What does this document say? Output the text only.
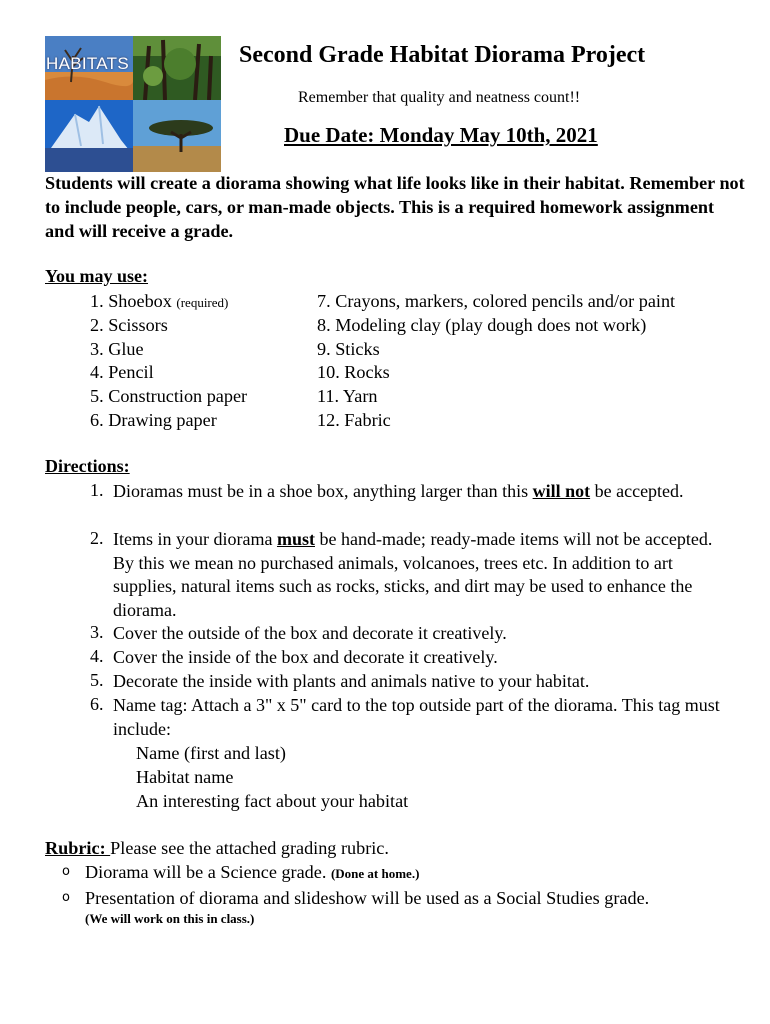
HABITATS	Second Grade Habitat Diorama Project
Remember that quality and neatness count!!
Due Date: Monday May 10th, 2021
Students will create a diorama showing what life looks like in their habitat. Remember not to include people, cars, or man-made objects. This is a required homework assignment and will receive a grade.
You may use:
1. Shoebox (required)
2. Scissors
3. Glue
4. Pencil
5. Construction paper
6. Drawing paper
7. Crayons, markers, colored pencils and/or paint
8. Modeling clay (play dough does not work)
9. Sticks
10. Rocks
11. Yarn
12. Fabric
Directions:
1. Dioramas must be in a shoe box, anything larger than this will not be accepted.
2. Items in your diorama must be hand-made; ready-made items will not be accepted. By this we mean no purchased animals, volcanoes, trees etc. In addition to art supplies, natural items such as rocks, sticks, and dirt may be used to enhance the diorama.
3. Cover the outside of the box and decorate it creatively.
4. Cover the inside of the box and decorate it creatively.
5. Decorate the inside with plants and animals native to your habitat.
6. Name tag: Attach a 3" x 5" card to the top outside part of the diorama. This tag must include:
Name (first and last)
Habitat name
An interesting fact about your habitat
Rubric: Please see the attached grading rubric.
o Diorama will be a Science grade. (Done at home.)
o Presentation of diorama and slideshow will be used as a Social Studies grade.
(We will work on this in class.)
